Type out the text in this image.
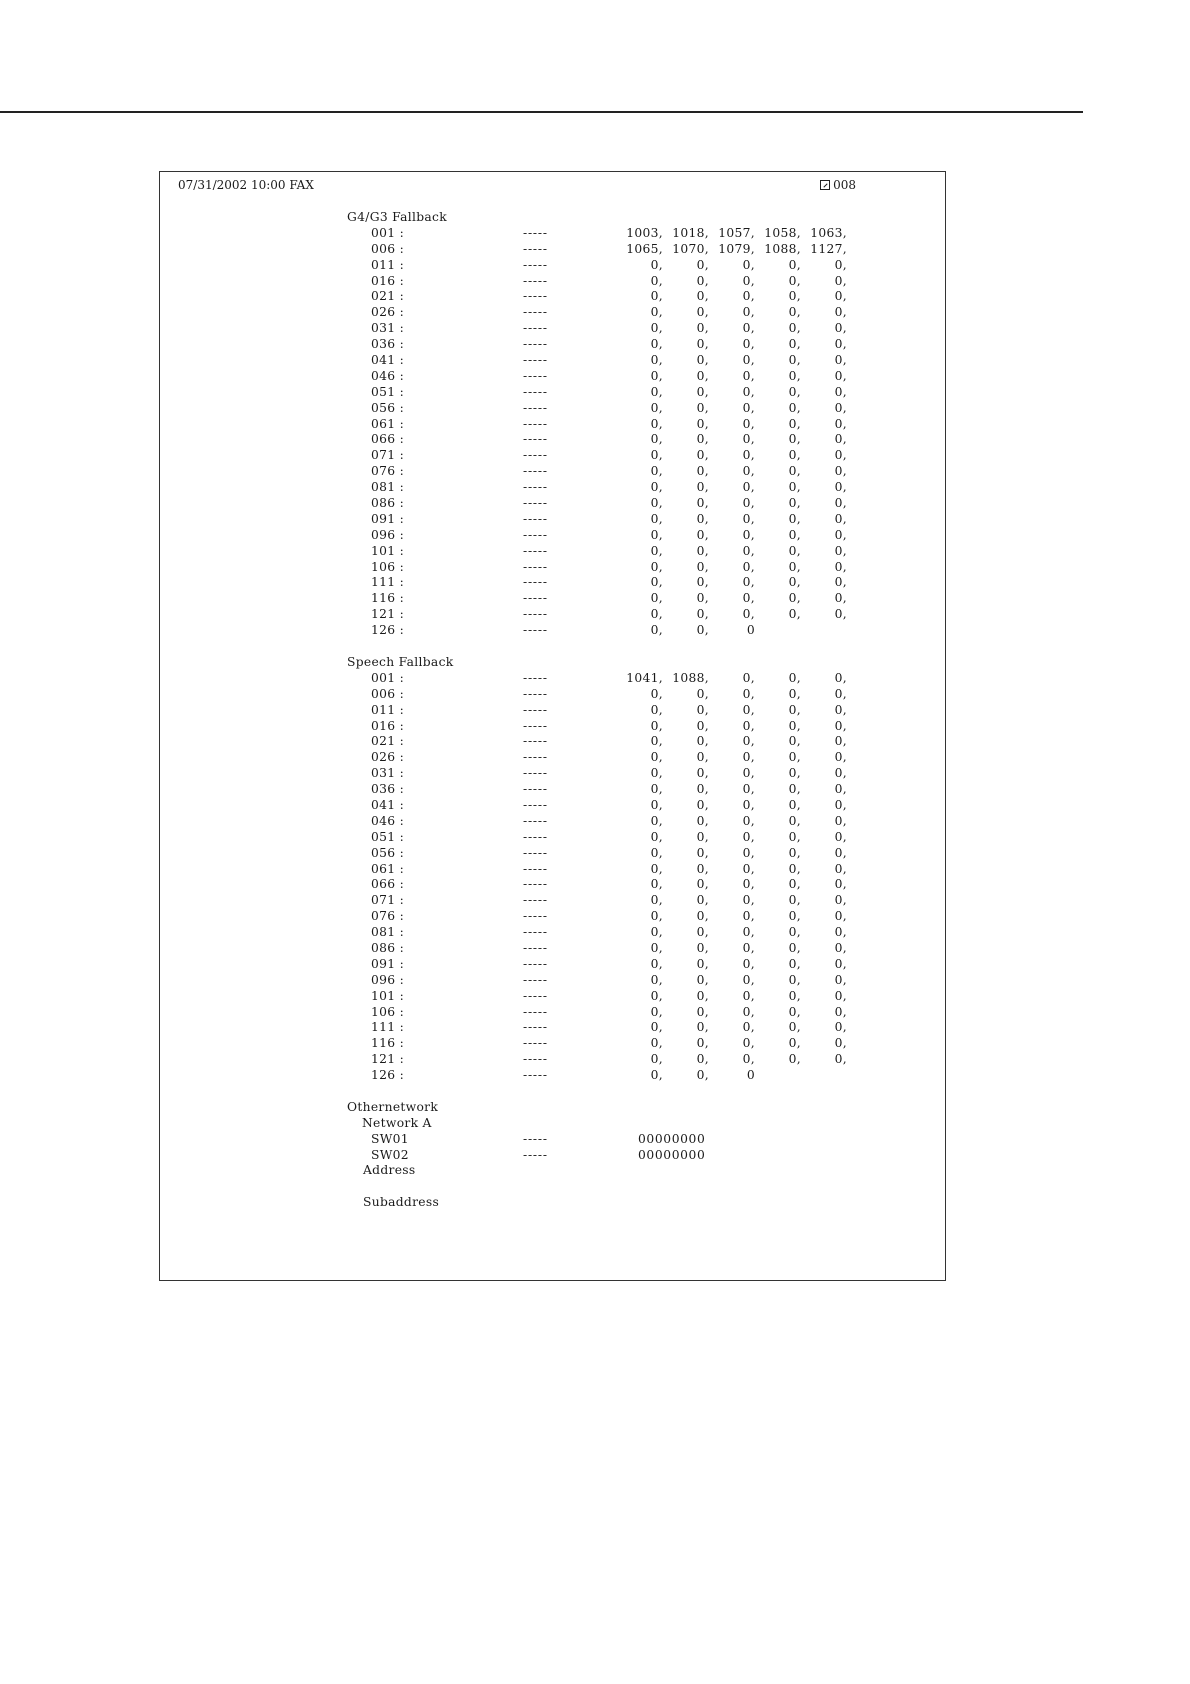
07/31/2002 10:00 FAX	008
G4/G3 Fallback
001 :	-----	1003, 1018, 1057, 1058, 1063,
006 :	-----	1065, 1070, 1079, 1088, 1127,
011 :	-----	0,	0,	0,	0,	0,
016 :	-----	0,	0,	0,	0,	0,
021 :	-----	0,	0,	0,	0,	0,
026 :	-----	0,	0,	0,	0,	0,
031 :	-----	0,	0,	0,	0,	0,
036 :	-----	0,	0,	0,	0,	0,
041 :	-----	0,	0,	0,	0,	0,
046 :	-----	0,	0,	0,	0,	0,
051 :	-----	0,	0,	0,	0,	0,
056 :	-----	0,	0,	0,	0,	0,
061 :	-----	0,	0,	0,	0,	0,
066 :	-----	0,	0,	0,	0,	0,
071 :	-----	0,	0,	0,	0,	0,
076 :	-----	0,	0,	0,	0,	0,
081 :	-----	0,	0,	0,	0,	0,
086 :	-----	0,	0,	0,	0,	0,
091 :	-----	0,	0,	0,	0,	0,
096 :	-----	0,	0,	0,	0,	0,
101 :	-----	0,	0,	0,	0,	0,
106 :	-----	0,	0,	0,	0,	0,
111 :	-----	0,	0,	0,	0,	0,
116 :	-----	0,	0,	0,	0,	0,
121 :	-----	0,	0,	0,	0,	0,
126 :	-----	0,	0,	0
Speech Fallback
001 :	-----	1041, 1088,	0,	0,	0,
006 :	-----	0,	0,	0,	0,	0,
011 :	-----	0,	0,	0,	0,	0,
016 :	-----	0,	0,	0,	0,	0,
021 :	-----	0,	0,	0,	0,	0,
026 :	-----	0,	0,	0,	0,	0,
031 :	-----	0,	0,	0,	0,	0,
036 :	-----	0,	0,	0,	0,	0,
041 :	-----	0,	0,	0,	0,	0,
046 :	-----	0,	0,	0,	0,	0,
051 :	-----	0,	0,	0,	0,	0,
056 :	-----	0,	0,	0,	0,	0,
061 :	-----	0,	0,	0,	0,	0,
066 :	-----	0,	0,	0,	0,	0,
071 :	-----	0,	0,	0,	0,	0,
076 :	-----	0,	0,	0,	0,	0,
081 :	-----	0,	0,	0,	0,	0,
086 :	-----	0,	0,	0,	0,	0,
091 :	-----	0,	0,	0,	0,	0,
096 :	-----	0,	0,	0,	0,	0,
101 :	-----	0,	0,	0,	0,	0,
106 :	-----	0,	0,	0,	0,	0,
111 :	-----	0,	0,	0,	0,	0,
116 :	-----	0,	0,	0,	0,	0,
121 :	-----	0,	0,	0,	0,	0,
126 :	-----	0,	0,	0
Othernetwork
Network A
SW01	-----	00000000
SW02	-----	00000000
Address
Subaddress
